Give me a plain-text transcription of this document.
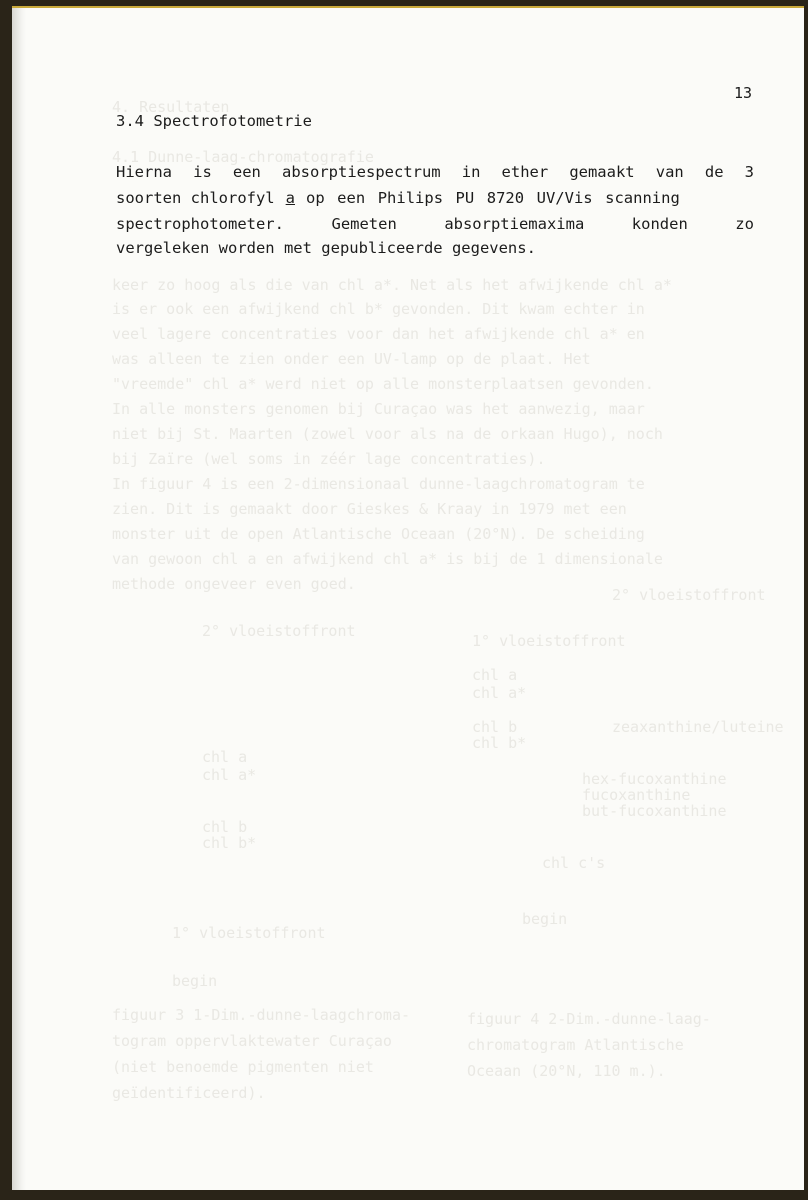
4. Resultaten
4.1 Dunne-laag-chromatografie
keer zo hoog als die van chl a*. Net als het afwijkende chl a*
is er ook een afwijkend chl b* gevonden. Dit kwam echter in
veel lagere concentraties voor dan het afwijkende chl a* en
was alleen te zien onder een UV-lamp op de plaat. Het
"vreemde" chl a* werd niet op alle monsterplaatsen gevonden.
In alle monsters genomen bij Curaçao was het aanwezig, maar
niet bij St. Maarten (zowel voor als na de orkaan Hugo), noch
bij Zaïre (wel soms in zéér lage concentraties).
In figuur 4 is een 2-dimensionaal dunne-laagchromatogram te
zien. Dit is gemaakt door Gieskes & Kraay in 1979 met een
monster uit de open Atlantische Oceaan (20°N). De scheiding
van gewoon chl a en afwijkend chl a* is bij de 1 dimensionale
methode ongeveer even goed.
2° vloeistoffront
2° vloeistoffront
1° vloeistoffront
chl a
chl a*
chl b
chl b*
zeaxanthine/luteine
hex-fucoxanthine
fucoxanthine
but-fucoxanthine
chl a
chl a*
chl b
chl b*
chl c's
begin
1° vloeistoffront
begin
figuur 3 1-Dim.-dunne-laagchroma-
togram oppervlaktewater Curaçao
(niet benoemde pigmenten niet
geïdentificeerd).
figuur 4 2-Dim.-dunne-laag-
chromatogram Atlantische
Oceaan (20°N, 110 m.).
13
3.4 Spectrofotometrie
Hierna is een absorptiespectrum in ether gemaakt van de 3
soorten chlorofyl a op een Philips PU 8720 UV/Vis scanning
spectrophotometer.	Gemeten	absorptiemaxima	konden	zo
vergeleken worden met gepubliceerde gegevens.
